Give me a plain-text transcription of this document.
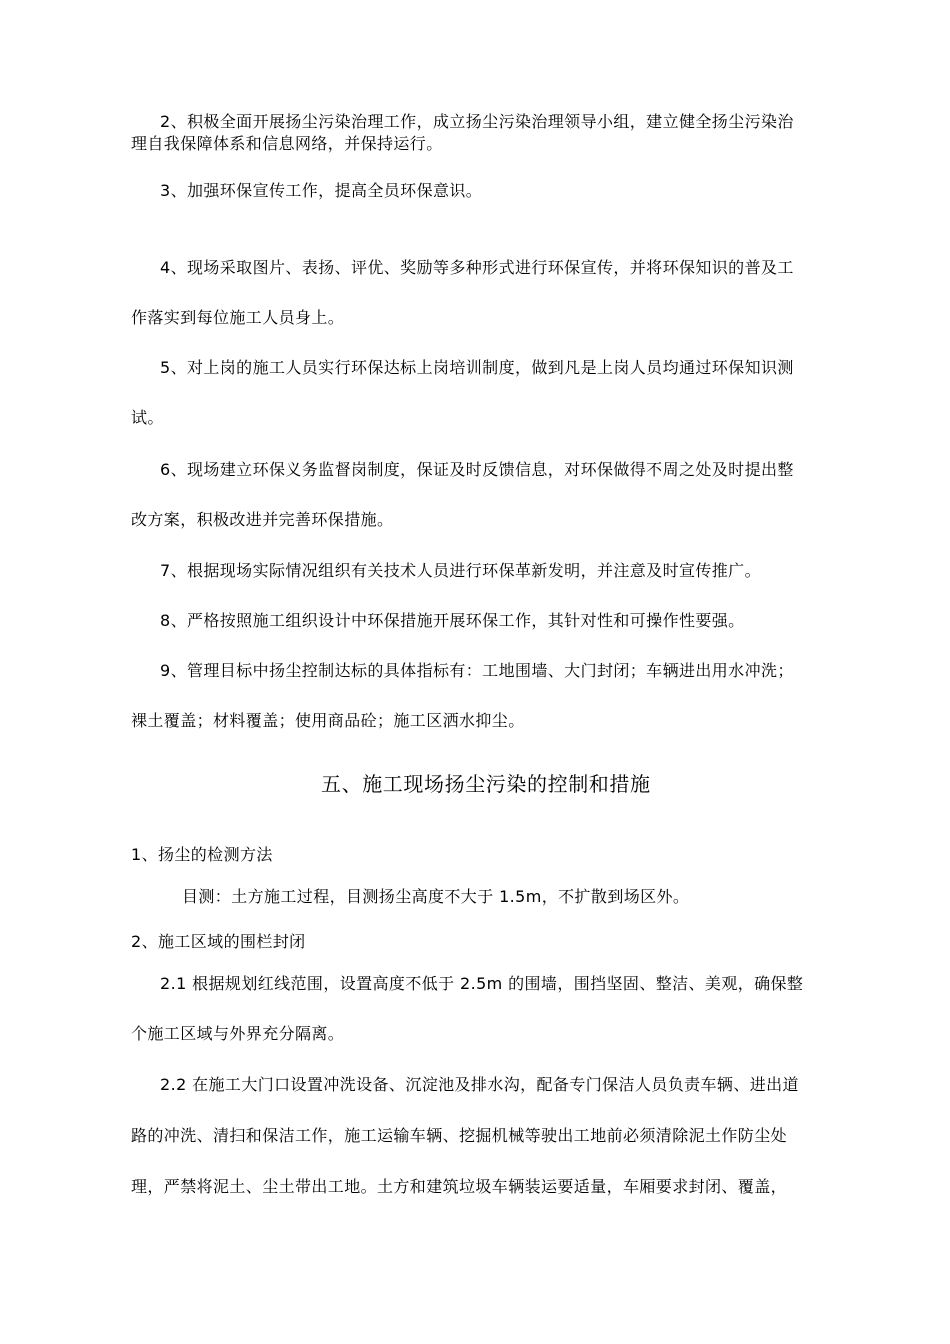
2、积极全面开展扬尘污染治理工作，成立扬尘污染治理领导小组，建立健全扬尘污染治
理自我保障体系和信息网络，并保持运行。
3、加强环保宣传工作，提高全员环保意识。
4、现场采取图片、表扬、评优、奖励等多种形式进行环保宣传，并将环保知识的普及工
作落实到每位施工人员身上。
5、对上岗的施工人员实行环保达标上岗培训制度，做到凡是上岗人员均通过环保知识测
试。
6、现场建立环保义务监督岗制度，保证及时反馈信息，对环保做得不周之处及时提出整
改方案，积极改进并完善环保措施。
7、根据现场实际情况组织有关技术人员进行环保革新发明，并注意及时宣传推广。
8、严格按照施工组织设计中环保措施开展环保工作，其针对性和可操作性要强。
9、管理目标中扬尘控制达标的具体指标有：工地围墙、大门封闭；车辆进出用水冲洗；
裸土覆盖；材料覆盖；使用商品砼；施工区洒水抑尘。
五、施工现场扬尘污染的控制和措施
1、扬尘的检测方法
目测：土方施工过程，目测扬尘高度不大于 1.5m，不扩散到场区外。
2、施工区域的围栏封闭
2.1 根据规划红线范围，设置高度不低于 2.5m 的围墙，围挡坚固、整洁、美观，确保整
个施工区域与外界充分隔离。
2.2 在施工大门口设置冲洗设备、沉淀池及排水沟，配备专门保洁人员负责车辆、进出道
路的冲洗、清扫和保洁工作，施工运输车辆、挖掘机械等驶出工地前必须清除泥土作防尘处
理，严禁将泥土、尘土带出工地。土方和建筑垃圾车辆装运要适量，车厢要求封闭、覆盖，
